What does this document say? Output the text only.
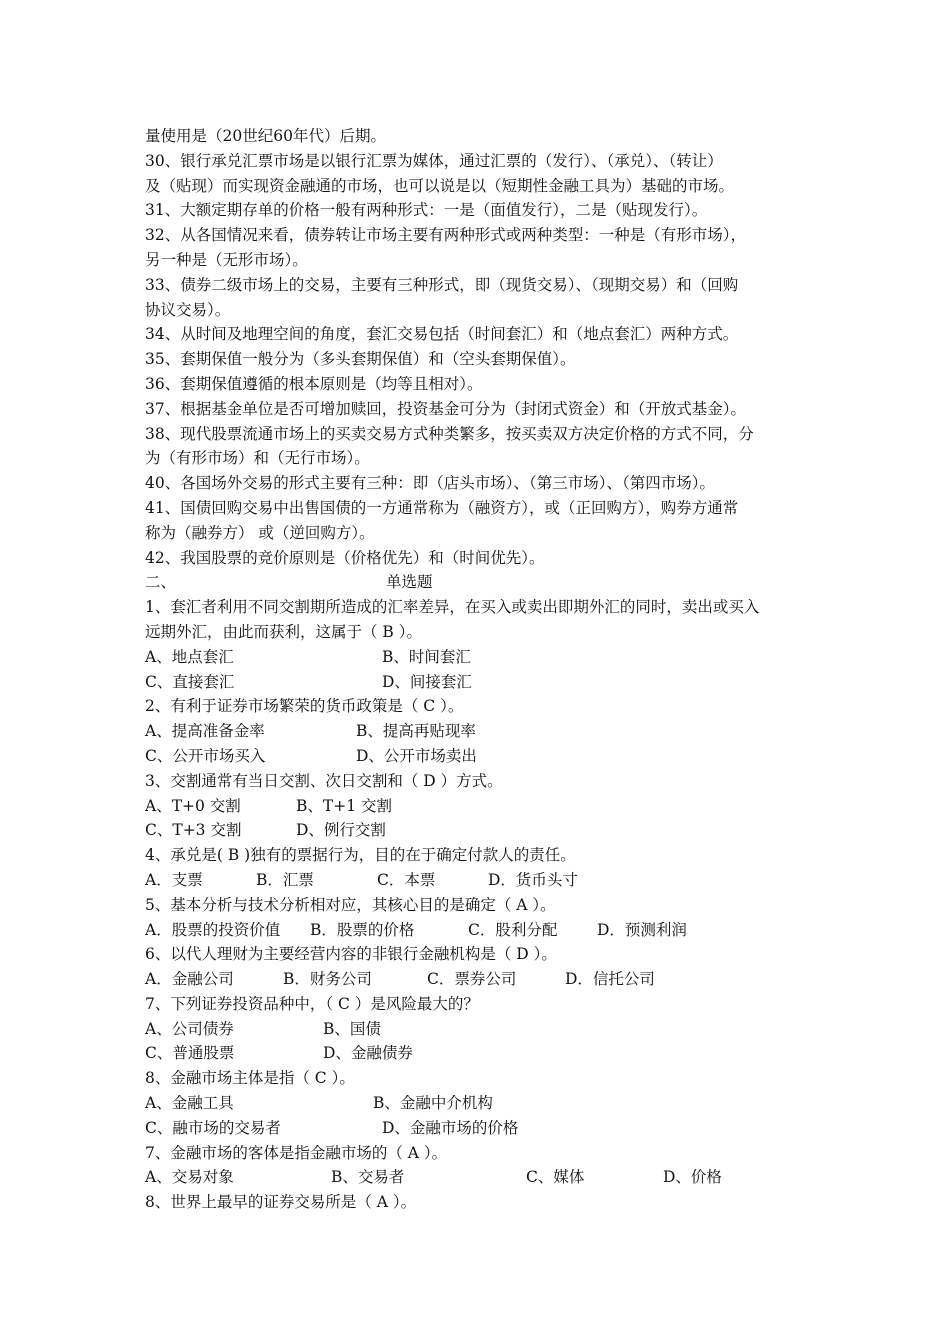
量使用是（20世纪60年代）后期。
30、银行承兑汇票市场是以银行汇票为媒体，通过汇票的（发行）、（承兑）、（转让）
及（贴现）而实现资金融通的市场，也可以说是以（短期性金融工具为）基础的市场。
31、大额定期存单的价格一般有两种形式：一是（面值发行），二是（贴现发行）。
32、从各国情况来看，债券转让市场主要有两种形式或两种类型：一种是（有形市场），
另一种是（无形市场）。
33、债券二级市场上的交易，主要有三种形式，即（现货交易）、（现期交易）和（回购
协议交易）。
34、从时间及地理空间的角度，套汇交易包括（时间套汇）和（地点套汇）两种方式。
35、套期保值一般分为（多头套期保值）和（空头套期保值）。
36、套期保值遵循的根本原则是（均等且相对）。
37、根据基金单位是否可增加赎回，投资基金可分为（封闭式资金）和（开放式基金）。
38、现代股票流通市场上的买卖交易方式种类繁多，按买卖双方决定价格的方式不同，分
为（有形市场）和（无行市场）。
40、各国场外交易的形式主要有三种：即（店头市场）、（第三市场）、（第四市场）。
41、国债回购交易中出售国债的一方通常称为（融资方），或（正回购方），购券方通常
称为（融券方） 或（逆回购方）。
42、我国股票的竞价原则是（价格优先）和（时间优先）。
二、	单选题
1、套汇者利用不同交割期所造成的汇率差异，在买入或卖出即期外汇的同时，卖出或买入
远期外汇，由此而获利，这属于（ B ）。
A、地点套汇	B、时间套汇
C、直接套汇	D、间接套汇
2、有利于证券市场繁荣的货币政策是（ C ）。
A、提高准备金率	B、提高再贴现率
C、公开市场买入	D、公开市场卖出
3、交割通常有当日交割、次日交割和（ D ）方式。
A、T+0 交割	B、T+1 交割
C、T+3 交割	D、例行交割
4、承兑是( B )独有的票据行为，目的在于确定付款人的责任。
A．支票	B．汇票	C．本票	D．货币头寸
5、基本分析与技术分析相对应，其核心目的是确定（ A ）。
A．股票的投资价值 B．股票的价格	C．股利分配	D．预测利润
6、以代人理财为主要经营内容的非银行金融机构是（ D ）。
A．金融公司	B．财务公司	C．票券公司	D．信托公司
7、下列证券投资品种中，（ C ）是风险最大的？
A、公司债券	B、国债
C、普通股票	D、金融债券
8、金融市场主体是指（ C ）。
A、金融工具	B、金融中介机构
C、融市场的交易者	D、金融市场的价格
7、金融市场的客体是指金融市场的（ A ）。
A、交易对象	B、交易者	C、媒体	D、价格
8、世界上最早的证券交易所是（ A ）。
